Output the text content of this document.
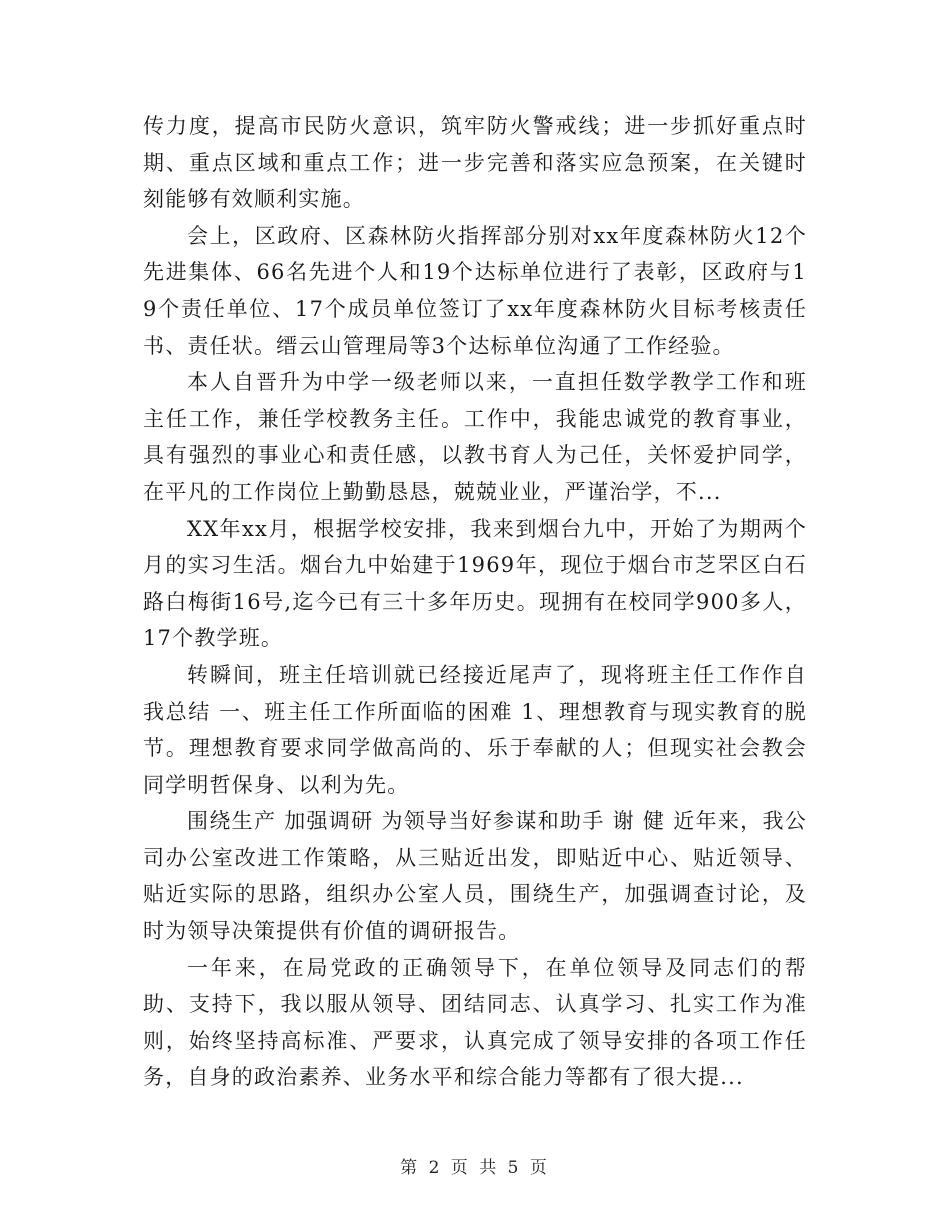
传力度，提高市民防火意识，筑牢防火警戒线；进一步抓好重点时期、重点区域和重点工作；进一步完善和落实应急预案，在关键时刻能够有效顺利实施。

会上，区政府、区森林防火指挥部分别对xx年度森林防火12个先进集体、66名先进个人和19个达标单位进行了表彰，区政府与19个责任单位、17个成员单位签订了xx年度森林防火目标考核责任书、责任状。缙云山管理局等3个达标单位沟通了工作经验。

本人自晋升为中学一级老师以来，一直担任数学教学工作和班主任工作，兼任学校教务主任。工作中，我能忠诚党的教育事业，具有强烈的事业心和责任感，以教书育人为己任，关怀爱护同学，在平凡的工作岗位上勤勤恳恳，兢兢业业，严谨治学，不...

XX年xx月，根据学校安排，我来到烟台九中，开始了为期两个月的实习生活。烟台九中始建于1969年，现位于烟台市芝罘区白石路白梅街16号,迄今已有三十多年历史。现拥有在校同学900多人， 17个教学班。

转瞬间，班主任培训就已经接近尾声了，现将班主任工作作自我总结 一、班主任工作所面临的困难 1、理想教育与现实教育的脱节。理想教育要求同学做高尚的、乐于奉献的人；但现实社会教会同学明哲保身、以利为先。

围绕生产 加强调研 为领导当好参谋和助手 谢 健 近年来，我公司办公室改进工作策略，从三贴近出发，即贴近中心、贴近领导、贴近实际的思路，组织办公室人员，围绕生产，加强调查讨论，及时为领导决策提供有价值的调研报告。

一年来，在局党政的正确领导下，在单位领导及同志们的帮助、支持下，我以服从领导、团结同志、认真学习、扎实工作为准则，始终坚持高标准、严要求，认真完成了领导安排的各项工作任务，自身的政治素养、业务水平和综合能力等都有了很大提...

第 2 页 共 5 页
